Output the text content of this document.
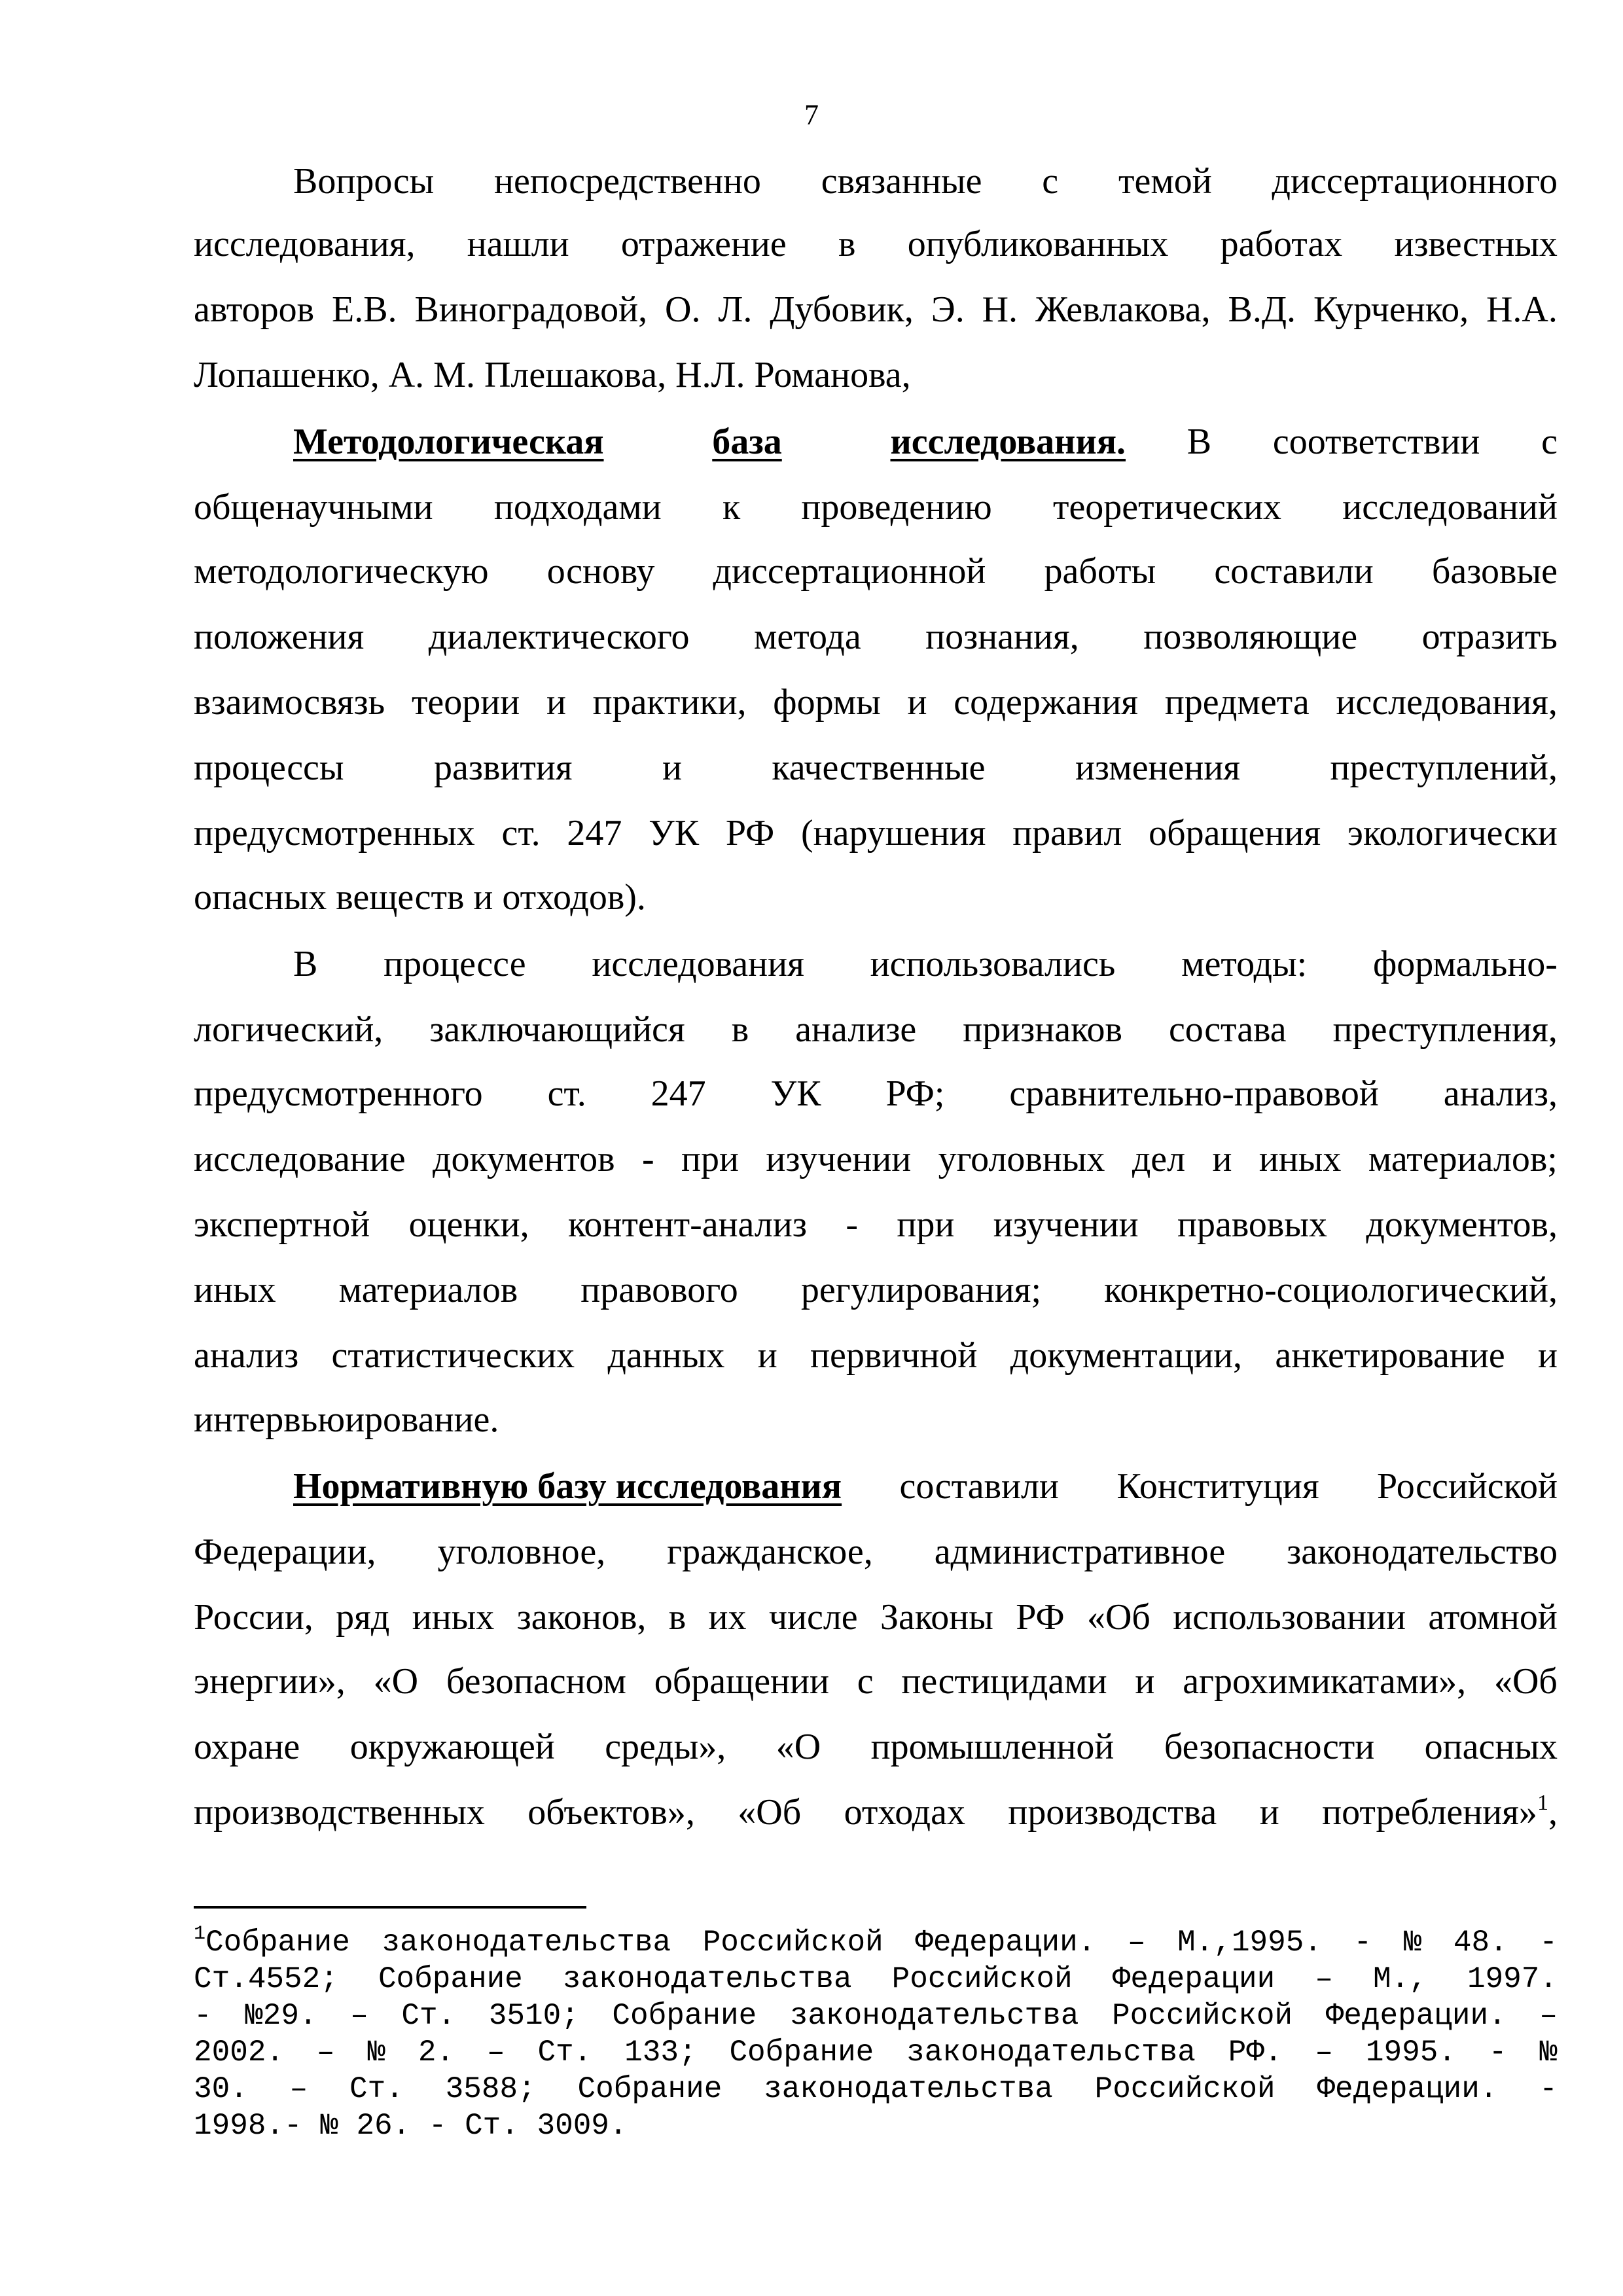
7
Вопросы непосредственно связанные с темой диссертационного
исследования, нашли отражение в опубликованных работах известных
авторов Е.В. Виноградовой, О. Л. Дубовик, Э. Н. Жевлакова, В.Д. Курченко, Н.А.
Лопашенко, А. М. Плешакова, Н.Л. Романова,
Методологическая	база	исследования. В соответствии с
общенаучными подходами к проведению теоретических исследований
методологическую основу диссертационной работы составили базовые
положения диалектического метода познания, позволяющие отразить
взаимосвязь теории и практики, формы и содержания предмета исследования,
процессы развития и качественные изменения преступлений,
предусмотренных ст. 247 УК РФ (нарушения правил обращения экологически
опасных веществ и отходов).
В процессе исследования использовались методы: формально-
логический, заключающийся в анализе признаков состава преступления,
предусмотренного ст. 247 УК РФ; сравнительно-правовой анализ,
исследование документов - при изучении уголовных дел и иных материалов;
экспертной оценки, контент-анализ - при изучении правовых документов,
иных материалов правового регулирования; конкретно-социологический,
анализ статистических данных и первичной документации, анкетирование и
интервьюирование.
Нормативную базу исследования составили Конституция Российской
Федерации, уголовное, гражданское, административное законодательство
России, ряд иных законов, в их числе Законы РФ «Об использовании атомной
энергии», «О безопасном обращении с пестицидами и агрохимикатами», «Об
охране окружающей среды», «О промышленной безопасности опасных
производственных объектов», «Об отходах производства и потребления»$^1$,
$^1$Собрание законодательства Российской Федерации. – М.,1995. - № 48. -
Ст.4552; Собрание законодательства Российской Федерации – М., 1997.
- №29. – Ст. 3510; Собрание законодательства Российской Федерации. –
2002. – № 2. – Ст. 133; Собрание законодательства РФ. – 1995. - №
30. – Ст. 3588; Собрание законодательства Российской Федерации. -
1998.- № 26. - Ст. 3009.
